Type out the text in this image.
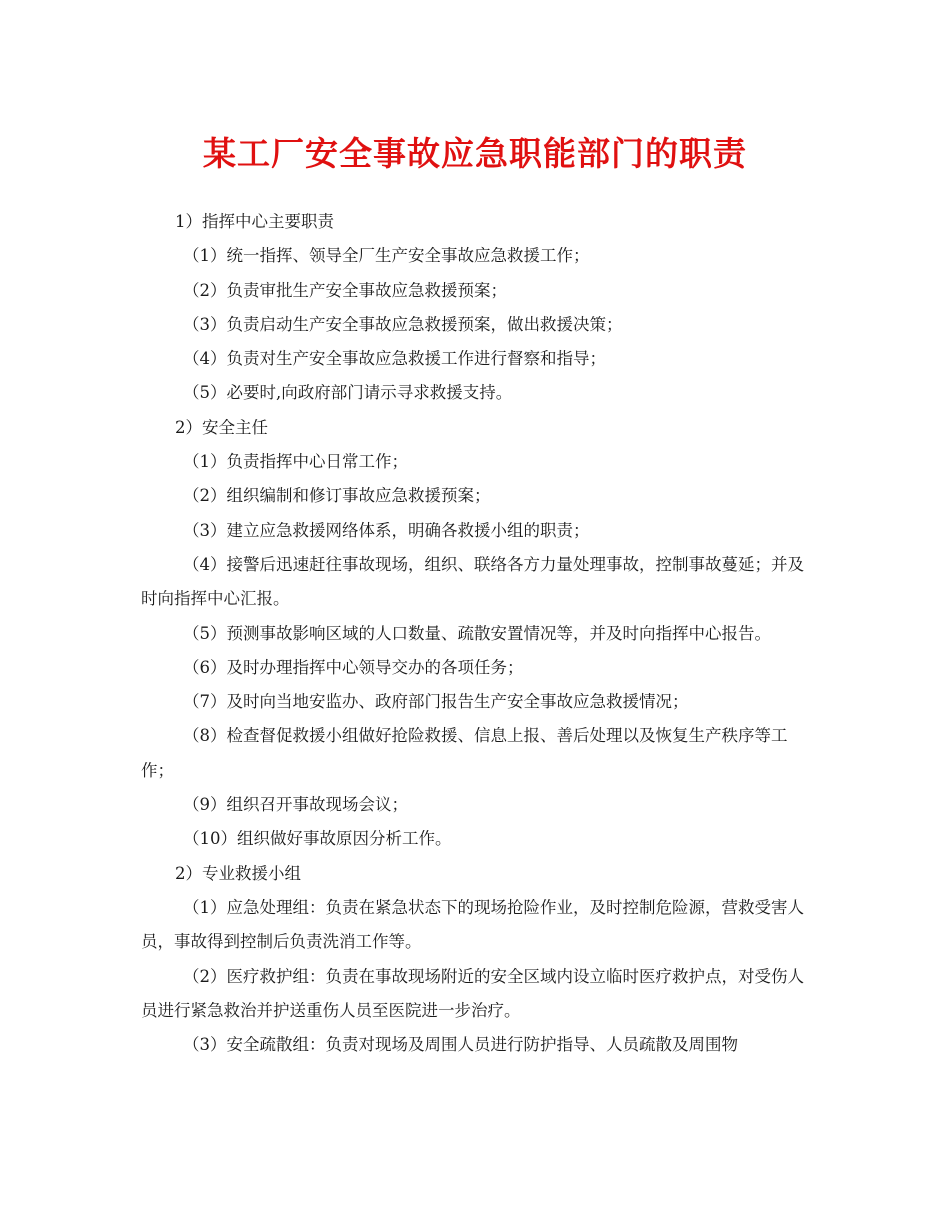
某工厂安全事故应急职能部门的职责

1）指挥中心主要职责

（1）统一指挥、领导全厂生产安全事故应急救援工作；

（2）负责审批生产安全事故应急救援预案；

（3）负责启动生产安全事故应急救援预案，做出救援决策；

（4）负责对生产安全事故应急救援工作进行督察和指导；

（5）必要时,向政府部门请示寻求救援支持。

2）安全主任

（1）负责指挥中心日常工作；

（2）组织编制和修订事故应急救援预案；

（3）建立应急救援网络体系，明确各救援小组的职责；

（4）接警后迅速赶往事故现场，组织、联络各方力量处理事故，控制事故蔓延；并及时向指挥中心汇报。

（5）预测事故影响区域的人口数量、疏散安置情况等，并及时向指挥中心报告。

（6）及时办理指挥中心领导交办的各项任务；

（7）及时向当地安监办、政府部门报告生产安全事故应急救援情况；

（8）检查督促救援小组做好抢险救援、信息上报、善后处理以及恢复生产秩序等工作；

（9）组织召开事故现场会议；

（10）组织做好事故原因分析工作。

2）专业救援小组

（1）应急处理组：负责在紧急状态下的现场抢险作业，及时控制危险源，营救受害人员，事故得到控制后负责洗消工作等。

（2）医疗救护组：负责在事故现场附近的安全区域内设立临时医疗救护点，对受伤人员进行紧急救治并护送重伤人员至医院进一步治疗。

（3）安全疏散组：负责对现场及周围人员进行防护指导、人员疏散及周围物
